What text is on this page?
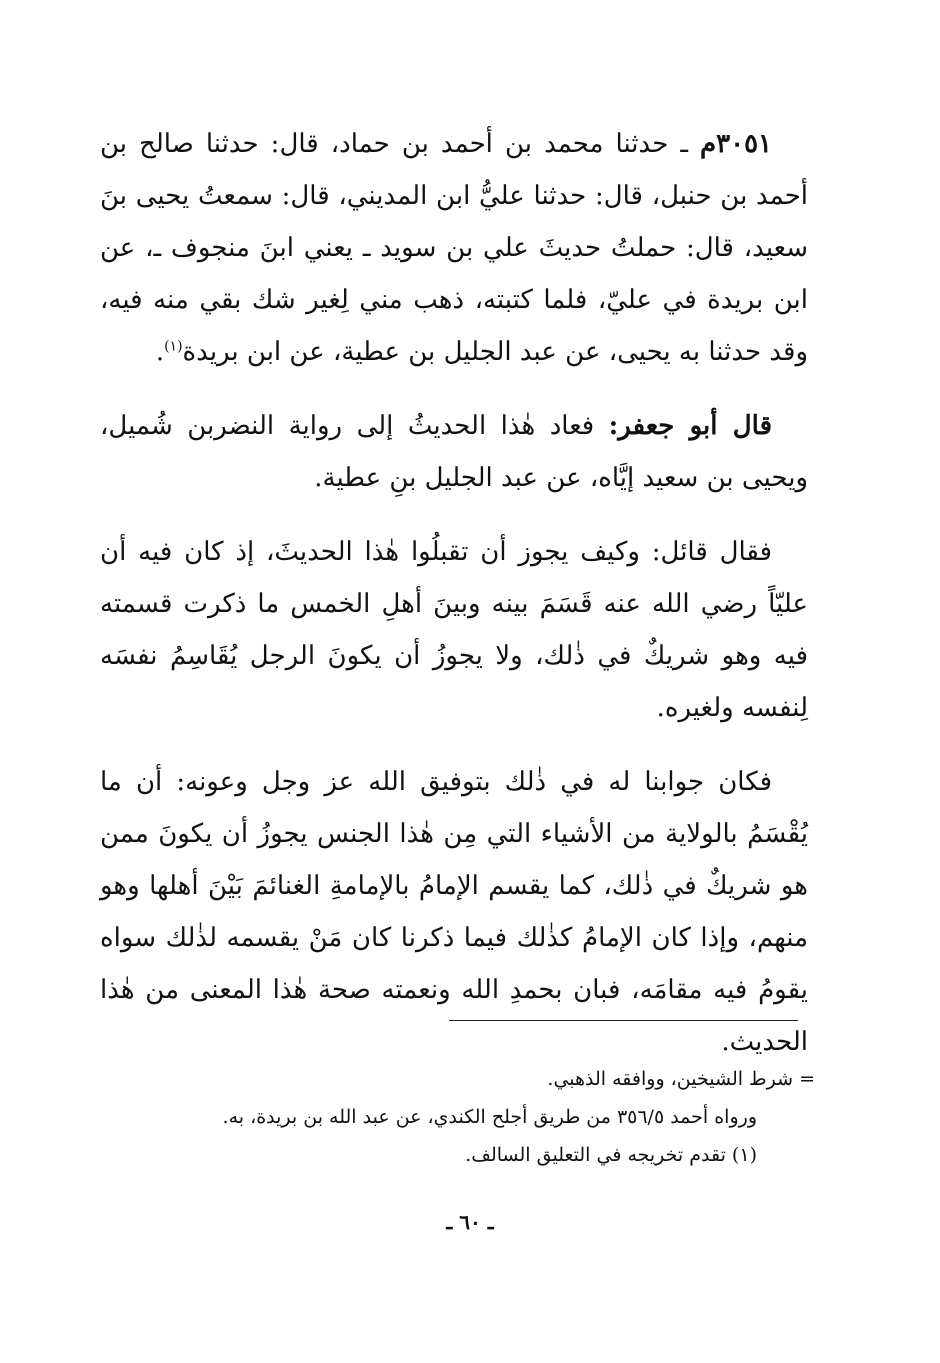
٣٠٥١م ـ حدثنا محمد بن أحمد بن حماد، قال: حدثنا صالح بن أحمد بن حنبل، قال: حدثنا عليُّ ابن المديني، قال: سمعتُ يحيى بنَ سعيد، قال: حملتُ حديثَ علي بن سويد ـ يعني ابنَ منجوف ـ، عن ابن بريدة في عليّ، فلما كتبته، ذهب مني لِغير شك بقي منه فيه، وقد حدثنا به يحيى، عن عبد الجليل بن عطية، عن ابن بريدة$^{(١)}$.

قال أبو جعفر: فعاد هٰذا الحديثُ إلى رواية النضربن شُميل، ويحيى بن سعيد إيَّاه، عن عبد الجليل بنِ عطية.

فقال قائل: وكيف يجوز أن تقبلُوا هٰذا الحديثَ، إذ كان فيه أن عليّاً رضي الله عنه قَسَمَ بينه وبينَ أهلِ الخمس ما ذكرت قسمته فيه وهو شريكٌ في ذٰلك، ولا يجوزُ أن يكونَ الرجل يُقَاسِمُ نفسَه لِنفسه ولغيره.

فكان جوابنا له في ذٰلك بتوفيق الله عز وجل وعونه: أن ما يُقْسَمُ بالولاية من الأشياء التي مِن هٰذا الجنس يجوزُ أن يكونَ ممن هو شريكٌ في ذٰلك، كما يقسم الإمامُ بالإمامةِ الغنائمَ بَيْنَ أهلها وهو منهم، وإذا كان الإمامُ كذٰلك فيما ذكرنا كان مَنْ يقسمه لذٰلك سواه يقومُ فيه مقامَه، فبان بحمدِ الله ونعمته صحة هٰذا المعنى من هٰذا الحديث.

= شرط الشيخين، ووافقه الذهبي.

ورواه أحمد ٣٥٦/٥ من طريق أجلح الكندي، عن عبد الله بن بريدة، به.

(١) تقدم تخريجه في التعليق السالف.

ـ ٦٠ ـ
